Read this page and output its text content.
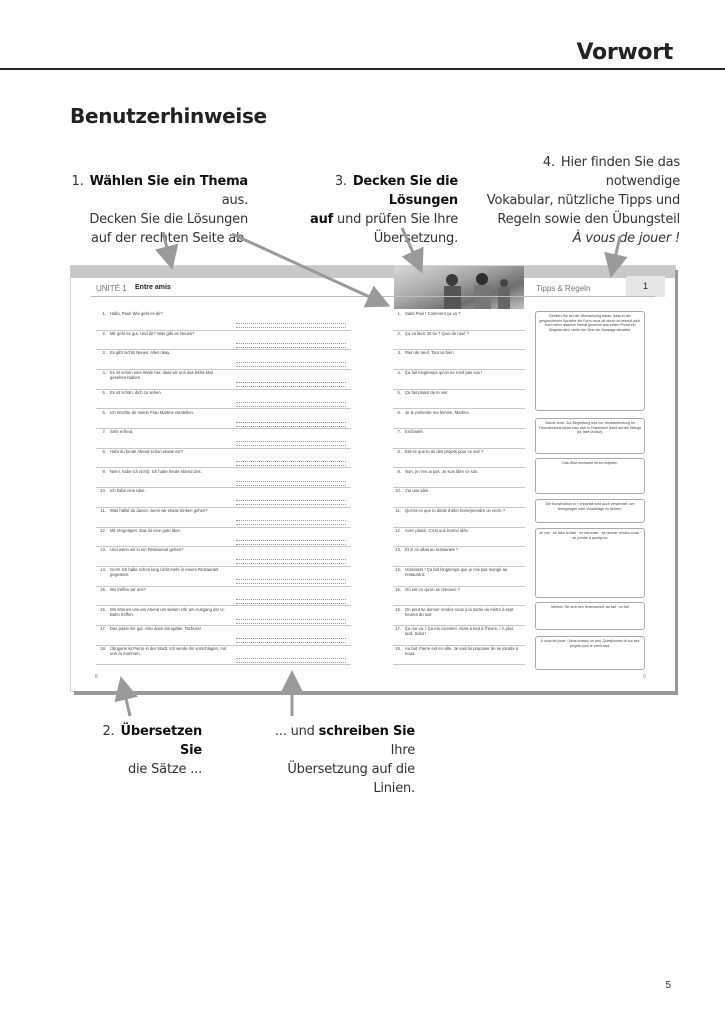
Vorwort
Benutzerhinweise
1. Wählen Sie ein Thema aus.
Decken Sie die Lösungen
auf der rechten Seite ab.
3. Decken Sie die Lösungen
auf und prüfen Sie Ihre
Übersetzung.
4. Hier finden Sie das notwendige
Vokabular, nützliche Tipps und
Regeln sowie den Übungsteil
À vous de jouer !
UNITÉ 1 Entre amis	Tipps & Regeln	1
1. Hallo, Paul! Wie geht es dir?
2. Mir geht es gut. Und dir? Was gibt es Neues?
3. Es gibt nichts Neues. Alles okay.
4. Es ist schon eine Weile her, dass wir uns das letzte Mal gesehen haben!
5. Es ist schön, dich zu sehen.
6. Ich möchte dir meine Frau Martine vorstellen.
7. Sehr erfreut.
8. Habt du heute Abend schon etwas vor?
9. Nein!, habe ich nicht). Ich habe heute Abend Zeit.
10. Ich habe eine Idee.
11. Was hältst du davon, wenn wir etwas trinken gehen?
12. Mit Vergnügen. Das ist eine gute Idee.
13. Und wenn wir in ein Restaurant gehen?
14. Gern! Ich habe schon lang nicht mehr in einem Restaurant gegessen.
15. Wo treffen wir uns?
16. Wir können uns am Abend um sieben Uhr am Ausgang der U-Bahn treffen.
17. Das passt mir gut. Also dann bis später, Tschüss!
18. Übrigens ist Pierre in der Stadt. Ich werde ihn vorschlagen, mit uns zu kommen.
1. Salut Paul ! Comment ça va ?
2. Ça va bien. Et toi ? Quoi de neuf ?
3. Rien de neuf. Tout va bien.
4. Ça fait longtemps qu'on ne s'est pas vus !
5. Ça fait plaisir de te voir.
6. Je te présente ma femme, Martine.
7. Enchanté.
8. Est-ce que tu as des projets pour ce soir ?
9. Non, je n'en ai pas. Je suis libre ce soir.
10. J'ai une idée.
11. Qu'est-ce que tu dirais d'aller boire/prendre un verre ?
12. Avec plaisir. C'est une bonne idée.
13. Et si on allait au restaurant ?
14. Volontiers ! Ça fait longtemps que je n'ai pas mangé au restaurant.
15. Où est-ce qu'on se retrouve ?
16. On peut se donner rendez-vous à la sortie du métro à sept heures du soir.
17. Ça me va. / Ça me convient. Alors à tout à l'heure. / À plus tard. Salut !
18. Au fait, Pierre est en ville. Je vais lui proposer de se joindre à nous.
Denken Sie bei der Übersetzung daran, dass in der gesprochenen Sprache die Form nous oft durch on ersetzt wird. Auch wenn dadurch formal gesehen aus einem Plural ein Singular wird, bleibt der Sinn der Aussage derselbe.
Savoir-vivre: Zur Begrüßung und zur Verabschiedung im Freundeskreis küsst man sich in Frankreich leicht auf die Wange (se faire la bise).
Das Wort enchanté ist ein Adjektiv.
Die Konstruktion si + imparfait wird auch verwendet, um Anregungen oder Vorschläge zu äußern.
se voir · se faire la bise · se retrouver · se donner rendez-vous · se joindre à quelqu'un
Merken Sie sich den Unterschied: au fait · en fait
À vous de jouer ! Vous croisez un ami. Questionnez-le sur ses projets pour le week-end.
8	9
2. Übersetzen Sie
die Sätze ...
... und schreiben Sie Ihre
Übersetzung auf die Linien.
5
